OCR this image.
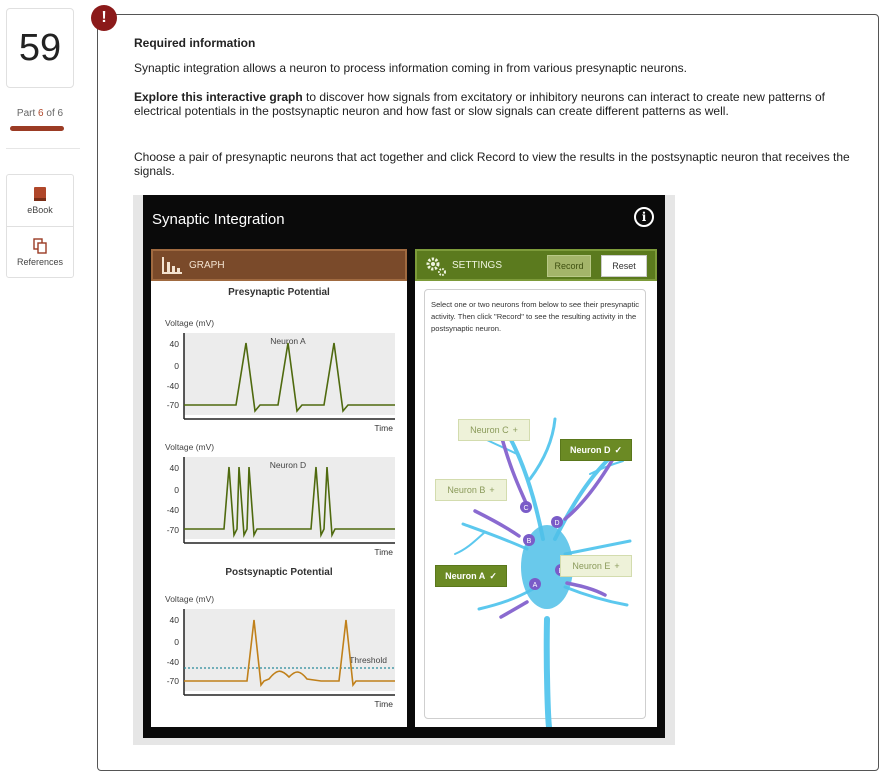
59
Part 6 of 6
eBook
References
!
Required information
Synaptic integration allows a neuron to process information coming in from various presynaptic neurons.
Explore this interactive graph to discover how signals from excitatory or inhibitory neurons can interact to create new patterns of electrical potentials in the postsynaptic neuron and how fast or slow signals can create different patterns as well.
Choose a pair of presynaptic neurons that act together and click Record to view the results in the postsynaptic neuron that receives the signals.
Synaptic Integration	i
GRAPH
Presynaptic Potential
Voltage (mV)
40
0
-40
-70
Neuron A
Time
Voltage (mV)
40
0
-40
-70
Neuron D
Time
Postsynaptic Potential
Voltage (mV)
40
0
-40
-70
Threshold
Time
SETTINGS	Record	Reset
Select one or two neurons from below to see their presynaptic activity. Then click "Record" to see the resulting activity in the postsynaptic neuron.
C
D
B
A
Neuron C +
Neuron D ✓
Neuron B +
Neuron A ✓
Neuron E +
